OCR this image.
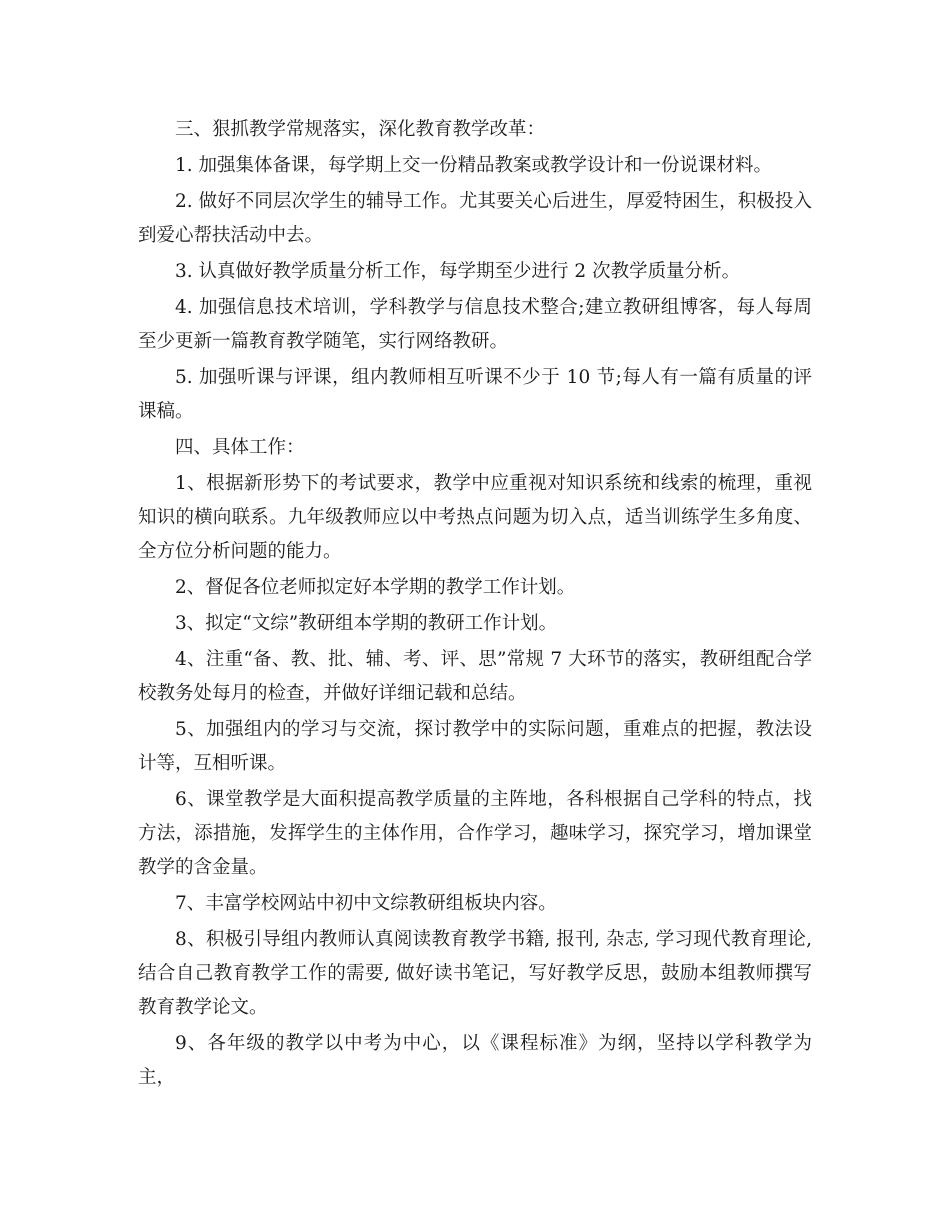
三、狠抓教学常规落实，深化教育教学改革：

1. 加强集体备课，每学期上交一份精品教案或教学设计和一份说课材料。

2. 做好不同层次学生的辅导工作。尤其要关心后进生，厚爱特困生，积极投入到爱心帮扶活动中去。

3. 认真做好教学质量分析工作，每学期至少进行 2 次教学质量分析。

4. 加强信息技术培训，学科教学与信息技术整合;建立教研组博客，每人每周至少更新一篇教育教学随笔，实行网络教研。

5. 加强听课与评课，组内教师相互听课不少于 10 节;每人有一篇有质量的评课稿。

四、具体工作：

1、根据新形势下的考试要求，教学中应重视对知识系统和线索的梳理，重视知识的横向联系。九年级教师应以中考热点问题为切入点，适当训练学生多角度、全方位分析问题的能力。

2、督促各位老师拟定好本学期的教学工作计划。

3、拟定“文综”教研组本学期的教研工作计划。

4、注重“备、教、批、辅、考、评、思”常规 7 大环节的落实，教研组配合学校教务处每月的检查，并做好详细记载和总结。

5、加强组内的学习与交流，探讨教学中的实际问题，重难点的把握，教法设计等，互相听课。

6、课堂教学是大面积提高教学质量的主阵地，各科根据自己学科的特点，找方法，添措施，发挥学生的主体作用，合作学习，趣味学习，探究学习，增加课堂教学的含金量。

7、丰富学校网站中初中文综教研组板块内容。

8、积极引导组内教师认真阅读教育教学书籍, 报刊, 杂志, 学习现代教育理论, 结合自己教育教学工作的需要, 做好读书笔记，写好教学反思，鼓励本组教师撰写教育教学论文。

9、各年级的教学以中考为中心，以《课程标准》为纲，坚持以学科教学为主，
